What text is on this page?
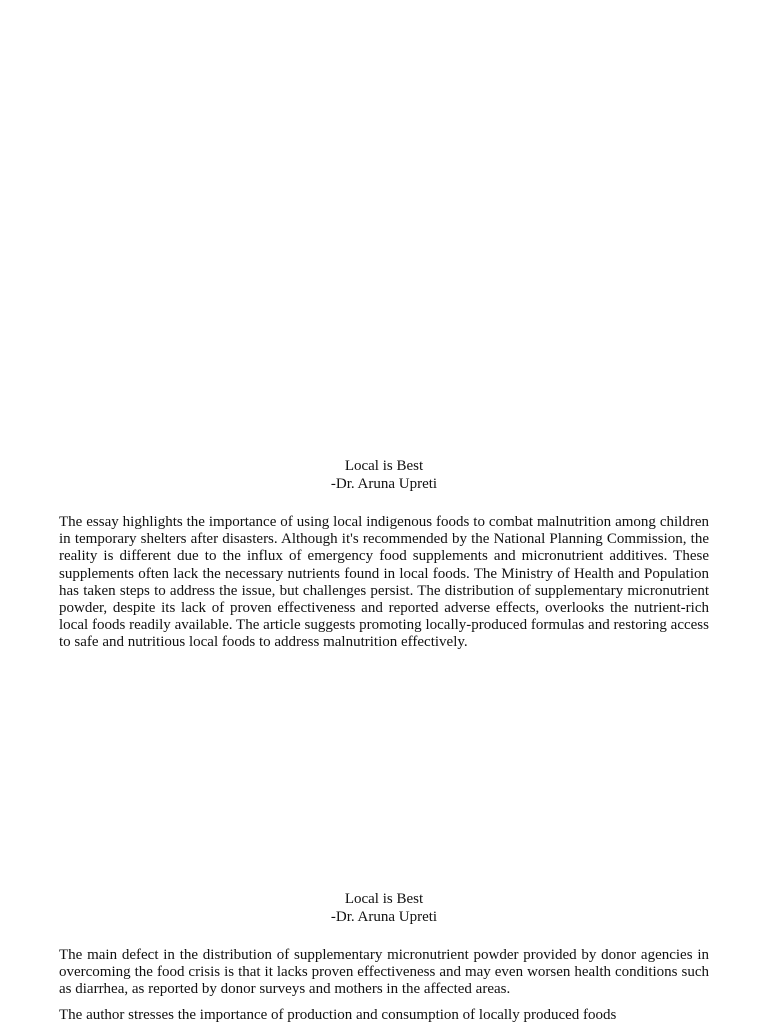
Local is Best

-Dr. Aruna Upreti

The essay highlights the importance of using local indigenous foods to combat malnutrition among children in temporary shelters after disasters. Although it's recommended by the National Planning Commission, the reality is different due to the influx of emergency food supplements and micronutrient additives. These supplements often lack the necessary nutrients found in local foods. The Ministry of Health and Population has taken steps to address the issue, but challenges persist. The distribution of supplementary micronutrient powder, despite its lack of proven effectiveness and reported adverse effects, overlooks the nutrient-rich local foods readily available. The article suggests promoting locally-produced formulas and restoring access to safe and nutritious local foods to address malnutrition effectively.

Local is Best

-Dr. Aruna Upreti

The main defect in the distribution of supplementary micronutrient powder provided by donor agencies in overcoming the food crisis is that it lacks proven effectiveness and may even worsen health conditions such as diarrhea, as reported by donor surveys and mothers in the affected areas.

The author stresses the importance of production and consumption of locally produced foods
